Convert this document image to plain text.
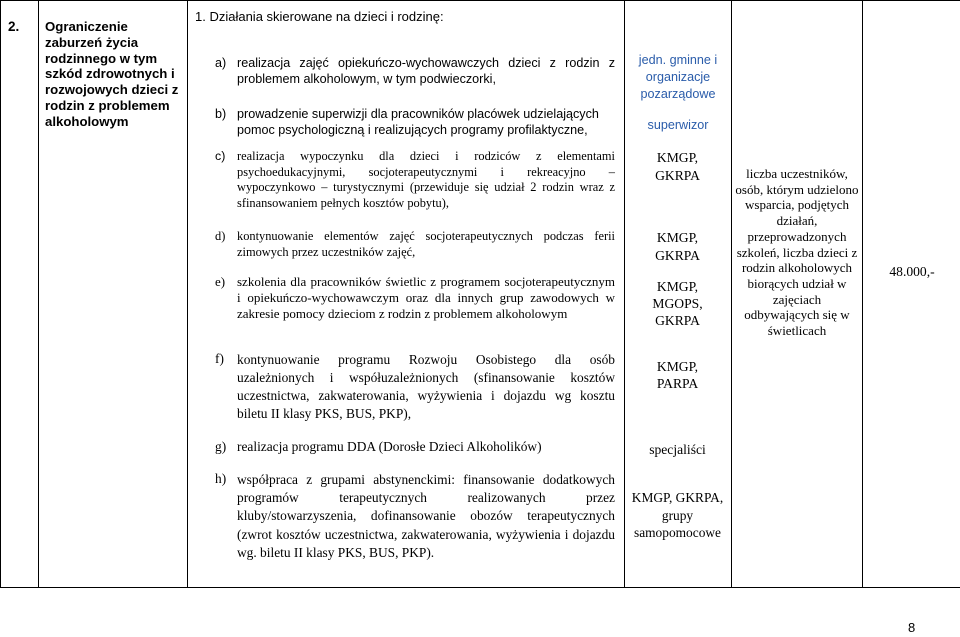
2.	Ograniczenie zaburzeń życia rodzinnego w tym szkód zdrowotnych i rozwojowych dzieci z rodzin z problemem alkoholowym
1. Działania skierowane na dzieci i rodzinę:
a) realizacja zajęć opiekuńczo-wychowawczych dzieci z rodzin z problemem alkoholowym, w tym podwieczorki,
b) prowadzenie superwizji dla pracowników placówek udzielających pomoc psychologiczną i realizujących programy profilaktyczne,
c) realizacja wypoczynku dla dzieci i rodziców z elementami psychoedukacyjnymi, socjoterapeutycznymi i rekreacyjno – wypoczynkowo – turystycznymi (przewiduje się udział 2 rodzin wraz z sfinansowaniem pełnych kosztów pobytu),
d) kontynuowanie elementów zajęć socjoterapeutycznych podczas ferii zimowych przez uczestników zajęć,
e) szkolenia dla pracowników świetlic z programem socjoterapeutycznym i opiekuńczo-wychowawczym oraz dla innych grup zawodowych w zakresie pomocy dzieciom z rodzin z problemem alkoholowym
f) kontynuowanie programu Rozwoju Osobistego dla osób uzależnionych i współuzależnionych (sfinansowanie kosztów uczestnictwa, zakwaterowania, wyżywienia i dojazdu wg kosztu biletu II klasy PKS, BUS, PKP),
g) realizacja programu DDA (Dorosłe Dzieci Alkoholików)
h) współpraca z grupami abstynenckimi: finansowanie dodatkowych programów terapeutycznych realizowanych przez kluby/stowarzyszenia, dofinansowanie obozów terapeutycznych (zwrot kosztów uczestnictwa, zakwaterowania, wyżywienia i dojazdu wg. biletu II klasy PKS, BUS, PKP).
jedn. gminne i organizacje pozarządowe
superwizor
KMGP, GKRPA
KMGP, GKRPA
KMGP, MGOPS, GKRPA
KMGP, PARPA
specjaliści
KMGP, GKRPA, grupy samopomocowe
liczba uczestników, osób, którym udzielono wsparcia, podjętych działań, przeprowadzonych szkoleń, liczba dzieci z rodzin alkoholowych biorących udział w zajęciach odbywających się w świetlicach
48.000,-
8
